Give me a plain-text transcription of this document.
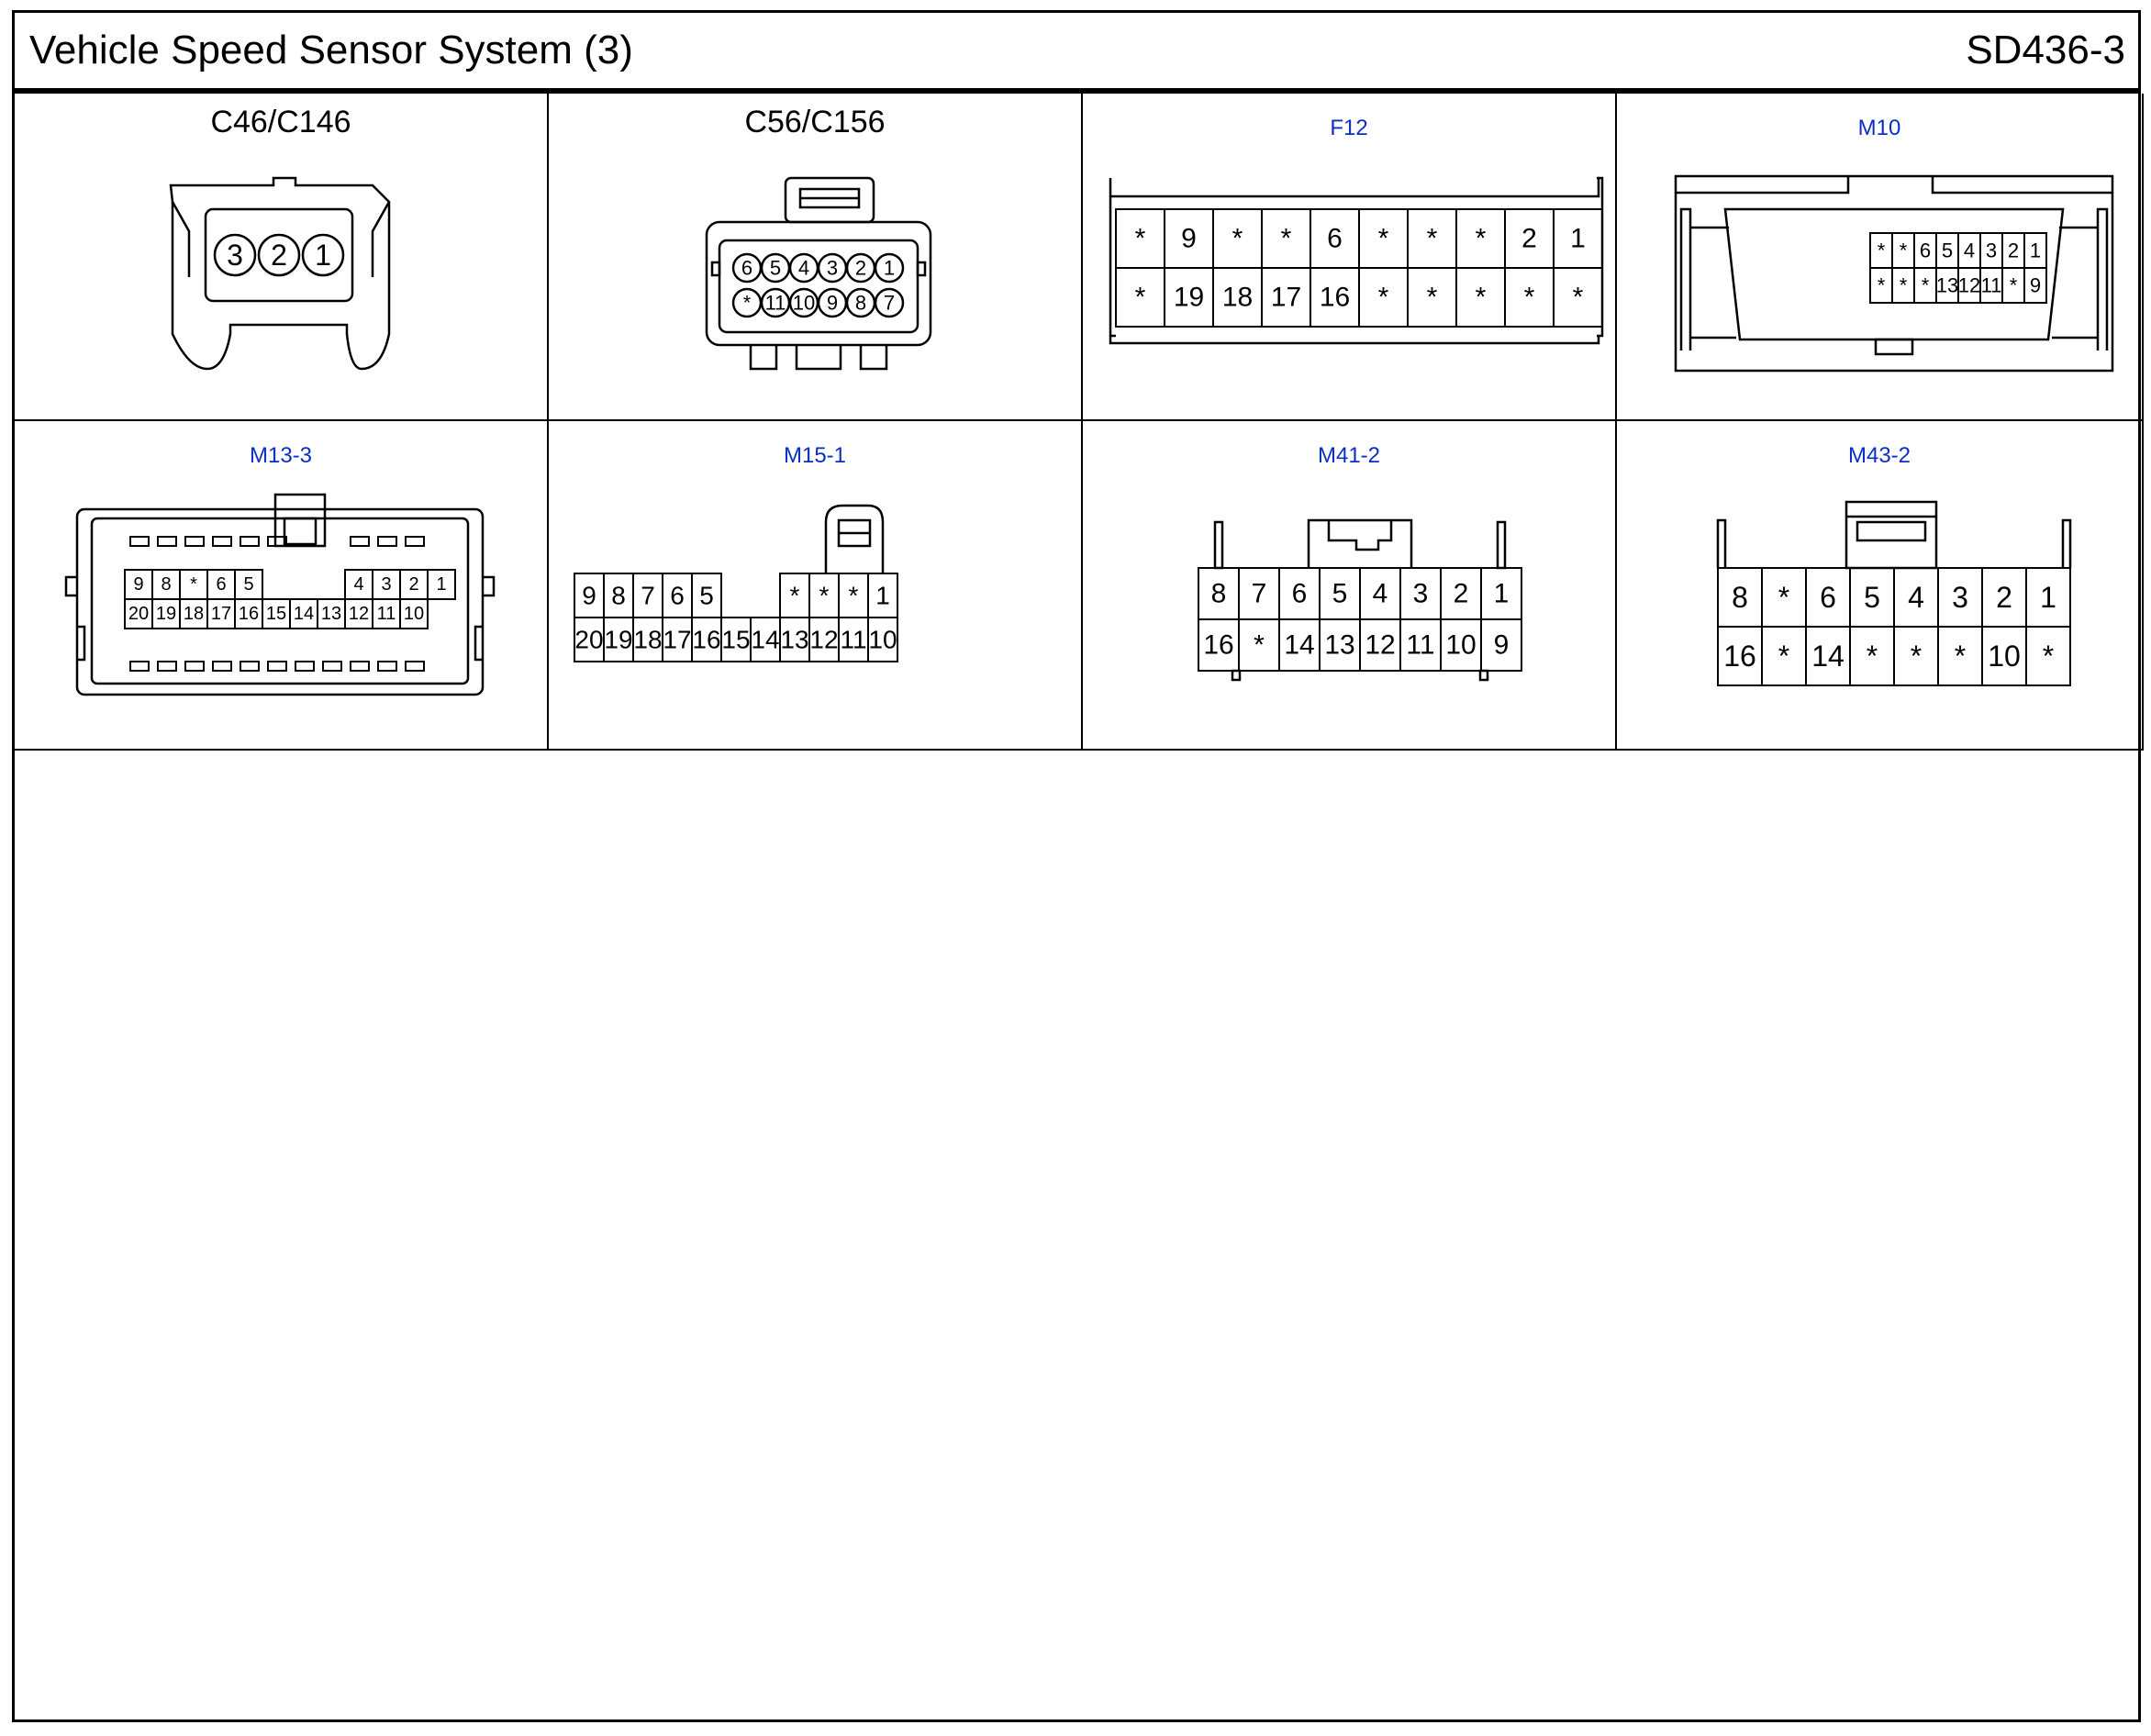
Vehicle Speed Sensor System (3)	SD436-3
C46/C146
3 2 1
C56/C156
6 5 4 3 2 1
* 11 10 9 8 7
F12
* 9 * * 6 * * * 2 1
* 19 18 17 16 * * * * *
M10
* * 6 5 4 3 2 1
* * * 13 12 11 * 9
M13-3
9 8 * 6 5	4 3 2 1
20 19 18 17 16 15 14 13 12 11 10
M15-1
9 8 7 6 5	* * * 1
20 19 18 17 16 15 14 13 12 11 10
M41-2
8 7 6 5 4 3 2 1
16 * 14 13 12 11 10 9
M43-2
8 * 6 5 4 3 2 1
16 * 14 * * * 10 *
